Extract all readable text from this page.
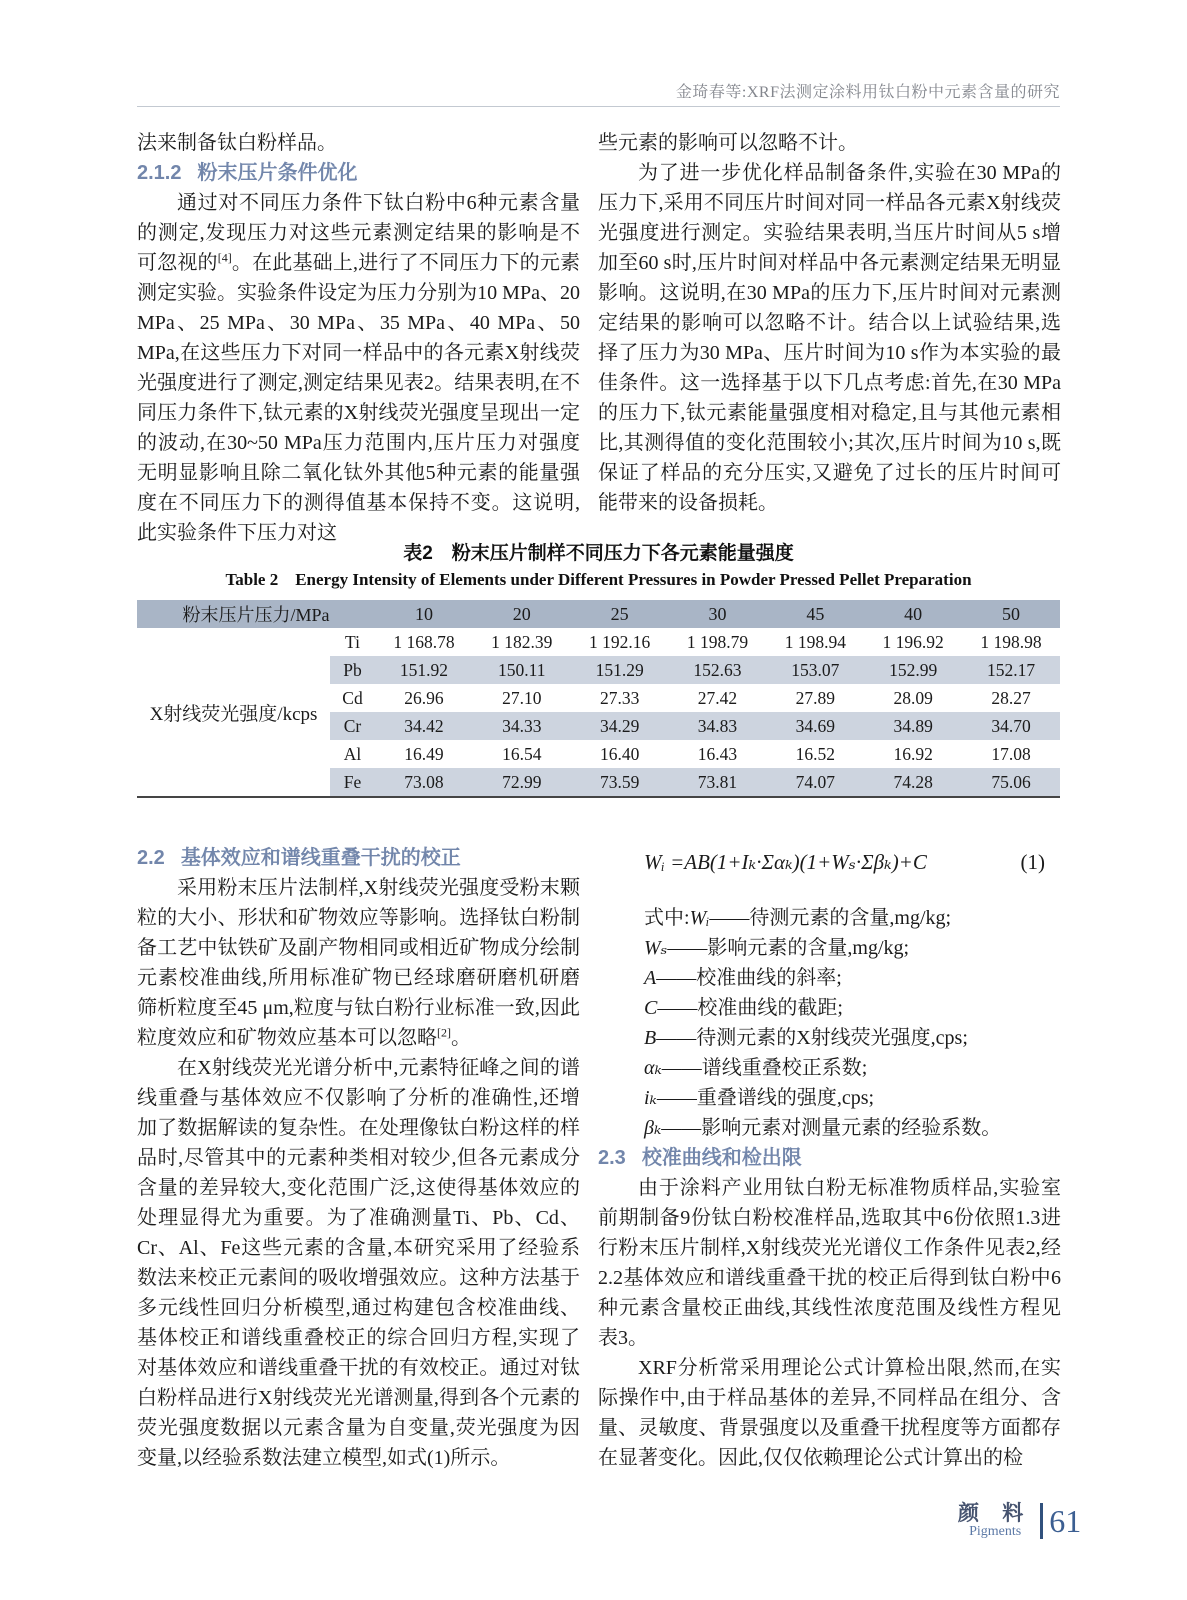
金琦春等:XRF法测定涂料用钛白粉中元素含量的研究

法来制备钛白粉样品。

2.1.2 粉末压片条件优化

通过对不同压力条件下钛白粉中6种元素含量的测定,发现压力对这些元素测定结果的影响是不可忽视的[4]。在此基础上,进行了不同压力下的元素测定实验。实验条件设定为压力分别为10 MPa、20 MPa、25 MPa、30 MPa、35 MPa、40 MPa、50 MPa,在这些压力下对同一样品中的各元素X射线荧光强度进行了测定,测定结果见表2。结果表明,在不同压力条件下,钛元素的X射线荧光强度呈现出一定的波动,在30~50 MPa压力范围内,压片压力对强度无明显影响且除二氧化钛外其他5种元素的能量强度在不同压力下的测得值基本保持不变。这说明,此实验条件下压力对这

些元素的影响可以忽略不计。

为了进一步优化样品制备条件,实验在30 MPa的压力下,采用不同压片时间对同一样品各元素X射线荧光强度进行测定。实验结果表明,当压片时间从5 s增加至60 s时,压片时间对样品中各元素测定结果无明显影响。这说明,在30 MPa的压力下,压片时间对元素测定结果的影响可以忽略不计。结合以上试验结果,选择了压力为30 MPa、压片时间为10 s作为本实验的最佳条件。这一选择基于以下几点考虑:首先,在30 MPa的压力下,钛元素能量强度相对稳定,且与其他元素相比,其测得值的变化范围较小;其次,压片时间为10 s,既保证了样品的充分压实,又避免了过长的压片时间可能带来的设备损耗。

表2　粉末压片制样不同压力下各元素能量强度
Table 2　Energy Intensity of Elements under Different Pressures in Powder Pressed Pellet Preparation
粉末压片压力/MPa		10	20	25	30	45	40	50
X射线荧光强度/kcps	Ti	1 168.78	1 182.39	1 192.16	1 198.79	1 198.94	1 196.92	1 198.98
	Pb	151.92	150.11	151.29	152.63	153.07	152.99	152.17
	Cd	26.96	27.10	27.33	27.42	27.89	28.09	28.27
	Cr	34.42	34.33	34.29	34.83	34.69	34.89	34.70
	Al	16.49	16.54	16.40	16.43	16.52	16.92	17.08
	Fe	73.08	72.99	73.59	73.81	74.07	74.28	75.06
2.2 基体效应和谱线重叠干扰的校正

采用粉末压片法制样,X射线荧光强度受粉末颗粒的大小、形状和矿物效应等影响。选择钛白粉制备工艺中钛铁矿及副产物相同或相近矿物成分绘制元素校准曲线,所用标准矿物已经球磨研磨机研磨筛析粒度至45 μm,粒度与钛白粉行业标准一致,因此粒度效应和矿物效应基本可以忽略[2]。

在X射线荧光光谱分析中,元素特征峰之间的谱线重叠与基体效应不仅影响了分析的准确性,还增加了数据解读的复杂性。在处理像钛白粉这样的样品时,尽管其中的元素种类相对较少,但各元素成分含量的差异较大,变化范围广泛,这使得基体效应的处理显得尤为重要。为了准确测量Ti、Pb、Cd、Cr、Al、Fe这些元素的含量,本研究采用了经验系数法来校正元素间的吸收增强效应。这种方法基于多元线性回归分析模型,通过构建包含校准曲线、基体校正和谱线重叠校正的综合回归方程,实现了对基体效应和谱线重叠干扰的有效校正。通过对钛白粉样品进行X射线荧光光谱测量,得到各个元素的荧光强度数据以元素含量为自变量,荧光强度为因变量,以经验系数法建立模型,如式(1)所示。

Wᵢ =AB(1+Iₖ·Σαₖ)(1+Wₛ·Σβₖ)+C	(1)
式中:Wᵢ——待测元素的含量,mg/kg;
Wₛ——影响元素的含量,mg/kg;
A——校准曲线的斜率;
C——校准曲线的截距;
B——待测元素的X射线荧光强度,cps;
αₖ——谱线重叠校正系数;
iₖ——重叠谱线的强度,cps;
βₖ——影响元素对测量元素的经验系数。
2.3 校准曲线和检出限

由于涂料产业用钛白粉无标准物质样品,实验室前期制备9份钛白粉校准样品,选取其中6份依照1.3进行粉末压片制样,X射线荧光光谱仪工作条件见表2,经2.2基体效应和谱线重叠干扰的校正后得到钛白粉中6种元素含量校正曲线,其线性浓度范围及线性方程见表3。

XRF分析常采用理论公式计算检出限,然而,在实际操作中,由于样品基体的差异,不同样品在组分、含量、灵敏度、背景强度以及重叠干扰程度等方面都存在显著变化。因此,仅仅依赖理论公式计算出的检

颜 料
Pigments 61
